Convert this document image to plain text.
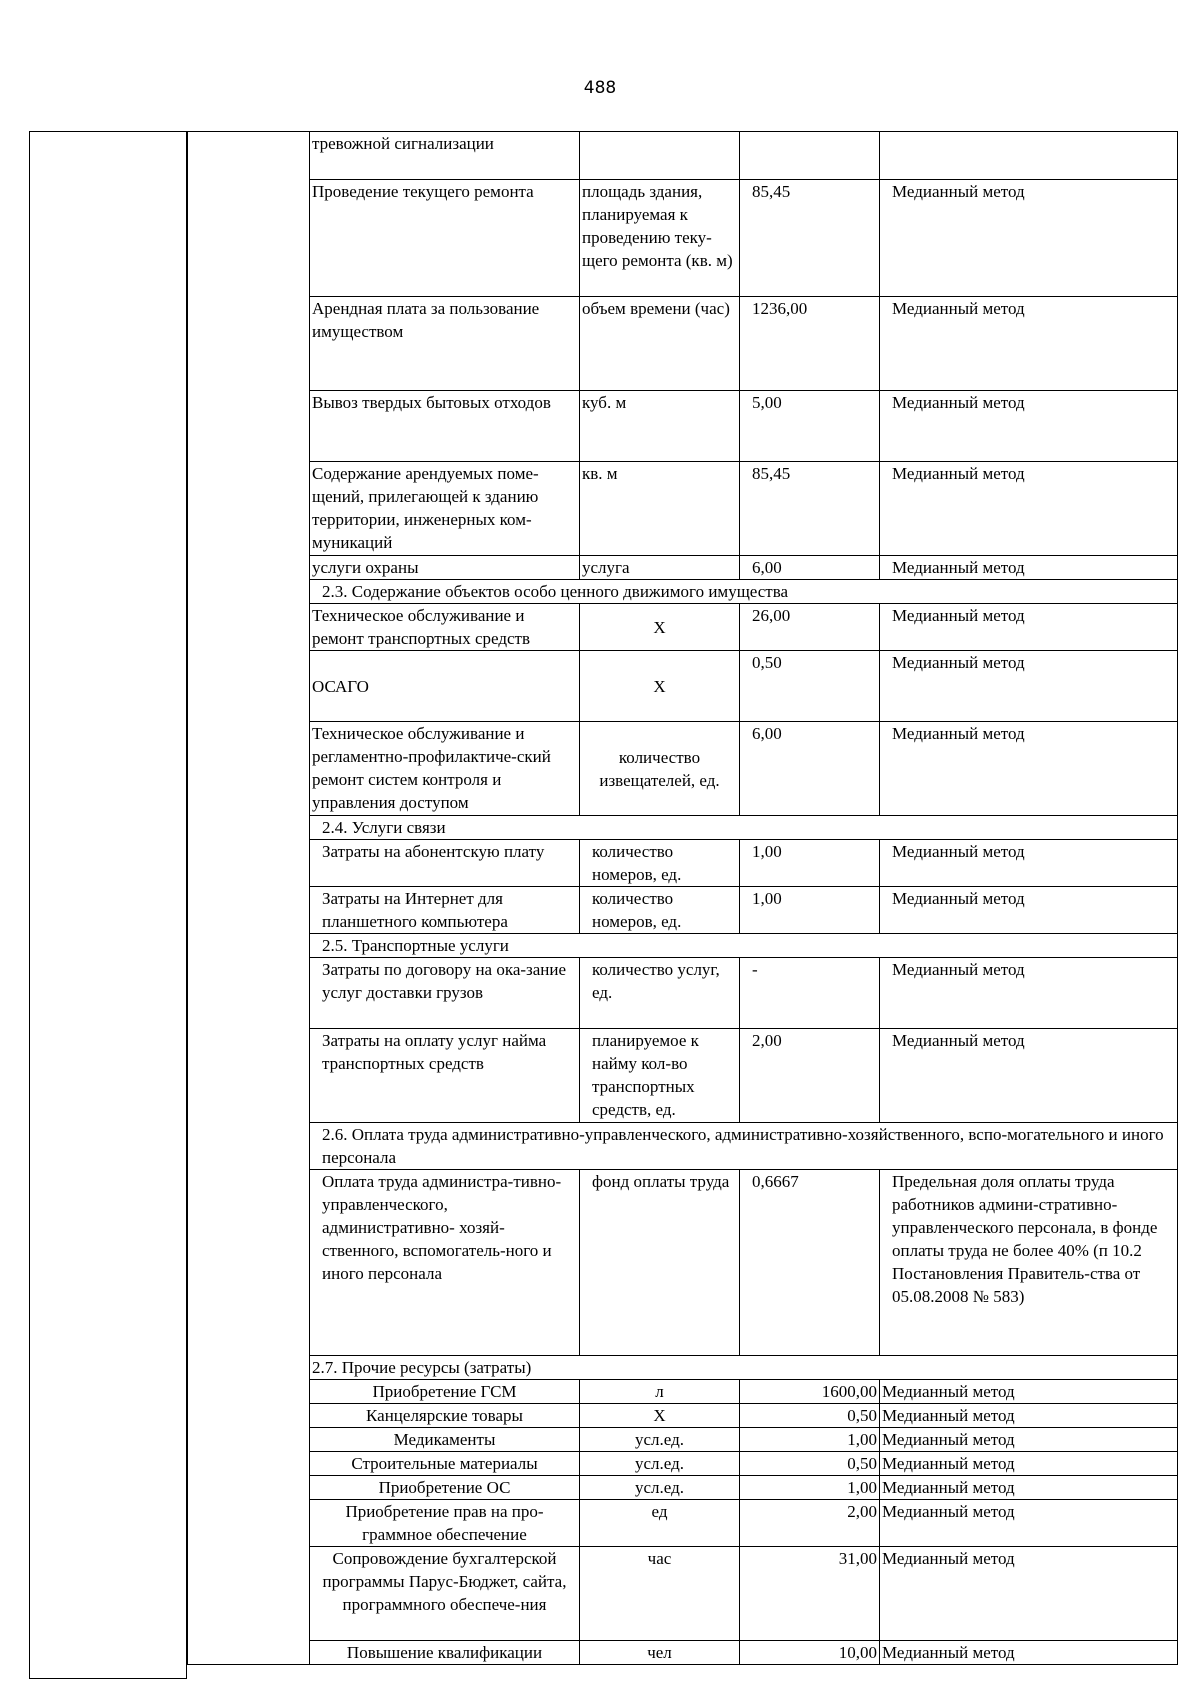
488
	тревожной сигнализации			
	Проведение текущего ремонта	площадь здания, планируемая к проведению теку-щего ремонта (кв. м)	85,45	Медианный метод
	Арендная плата за пользование имуществом	объем времени (час)	1236,00	Медианный метод
	Вывоз твердых бытовых отходов	куб. м	5,00	Медианный метод
	Содержание арендуемых поме-щений, прилегающей к зданию территории, инженерных ком-муникаций	кв. м	85,45	Медианный метод
	услуги охраны	услуга	6,00	Медианный метод
	2.3. Содержание объектов особо ценного движимого имущества			
	Техническое обслуживание и ремонт транспортных средств	Х	26,00	Медианный метод
	ОСАГО	Х	0,50	Медианный метод
	Техническое обслуживание и регламентно-профилактиче-ский ремонт систем контроля и управления доступом	количество извещателей, ед.	6,00	Медианный метод
	2.4. Услуги связи			
	Затраты на абонентскую плату	количество номеров, ед.	1,00	Медианный метод
	Затраты на Интернет для планшетного компьютера	количество номеров, ед.	1,00	Медианный метод
	2.5. Транспортные услуги			
	Затраты по договору на ока-зание услуг доставки грузов	количество услуг, ед.	-	Медианный метод
	Затраты на оплату услуг найма транспортных средств	планируемое к найму кол-во транспортных средств, ед.	2,00	Медианный метод
	2.6. Оплата труда административно-управленческого, административно-хозяйственного, вспо-могательного и иного персонала			
	Оплата труда администра-тивно- управленческого, административно- хозяй-ственного, вспомогатель-ного и иного персонала	фонд оплаты труда	0,6667	Предельная доля оплаты труда работников админи-стративно- управленческого персонала, в фонде оплаты труда не более 40% (п 10.2 Постановления Правитель-ства от 05.08.2008 № 583)
	2.7. Прочие ресурсы (затраты)			
	Приобретение ГСМ	л	1600,00	Медианный метод
	Канцелярские товары	Х	0,50	Медианный метод
	Медикаменты	усл.ед.	1,00	Медианный метод
	Строительные материалы	усл.ед.	0,50	Медианный метод
	Приобретение ОС	усл.ед.	1,00	Медианный метод
	Приобретение прав на про-граммное обеспечение	ед	2,00	Медианный метод
	Сопровождение бухгалтерской программы Парус-Бюджет, сайта, программного обеспече-ния	час	31,00	Медианный метод
	Повышение квалификации	чел	10,00	Медианный метод
